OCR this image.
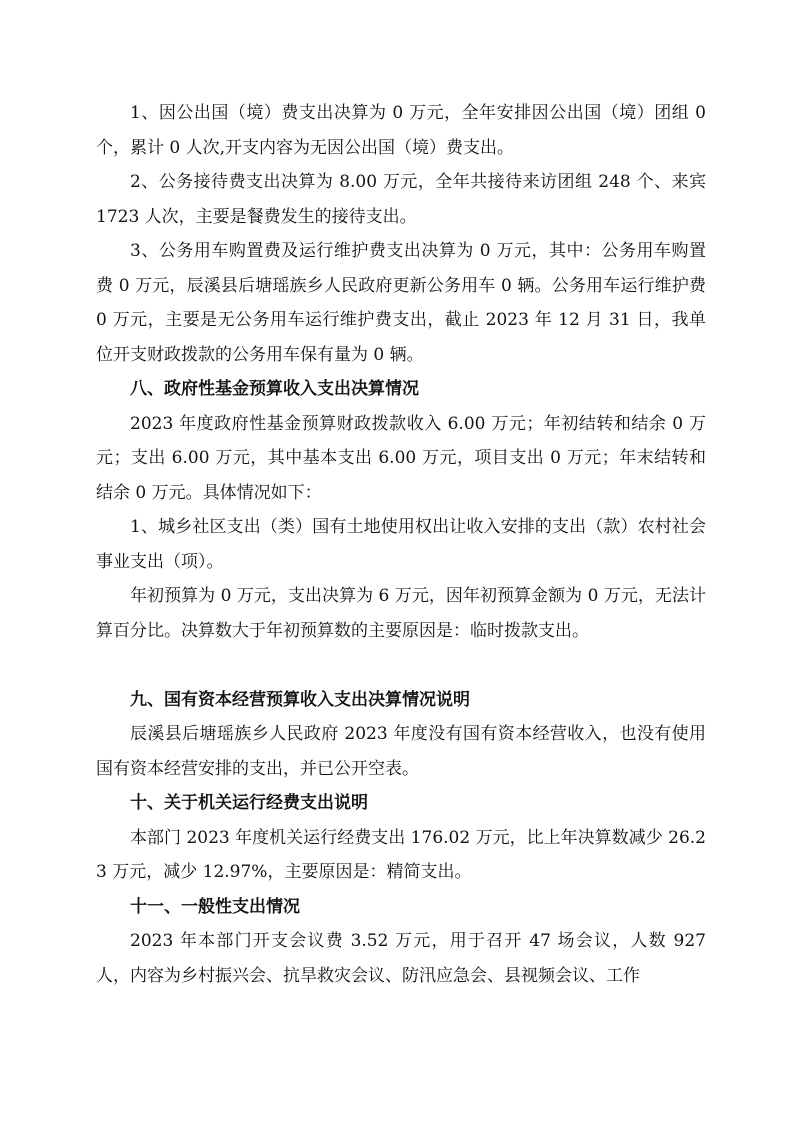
1、因公出国（境）费支出决算为 0 万元，全年安排因公出国（境）团组 0 个，累计 0 人次,开支内容为无因公出国（境）费支出。

2、公务接待费支出决算为 8.00 万元，全年共接待来访团组 248 个、来宾 1723 人次，主要是餐费发生的接待支出。

3、公务用车购置费及运行维护费支出决算为 0 万元，其中：公务用车购置费 0 万元，辰溪县后塘瑶族乡人民政府更新公务用车 0 辆。公务用车运行维护费 0 万元，主要是无公务用车运行维护费支出，截止 2023 年 12 月 31 日，我单位开支财政拨款的公务用车保有量为 0 辆。

八、政府性基金预算收入支出决算情况

2023 年度政府性基金预算财政拨款收入 6.00 万元；年初结转和结余 0 万元；支出 6.00 万元，其中基本支出 6.00 万元，项目支出 0 万元；年末结转和结余 0 万元。具体情况如下：

1、城乡社区支出（类）国有土地使用权出让收入安排的支出（款）农村社会事业支出（项）。

年初预算为 0 万元，支出决算为 6 万元，因年初预算金额为 0 万元，无法计算百分比。决算数大于年初预算数的主要原因是：临时拨款支出。

九、国有资本经营预算收入支出决算情况说明

辰溪县后塘瑶族乡人民政府 2023 年度没有国有资本经营收入，也没有使用国有资本经营安排的支出，并已公开空表。

十、关于机关运行经费支出说明

本部门 2023 年度机关运行经费支出 176.02 万元，比上年决算数减少 26.23 万元，减少 12.97%，主要原因是：精简支出。

十一、一般性支出情况

2023 年本部门开支会议费 3.52 万元，用于召开 47 场会议，人数 927 人，内容为乡村振兴会、抗旱救灾会议、防汛应急会、县视频会议、工作
